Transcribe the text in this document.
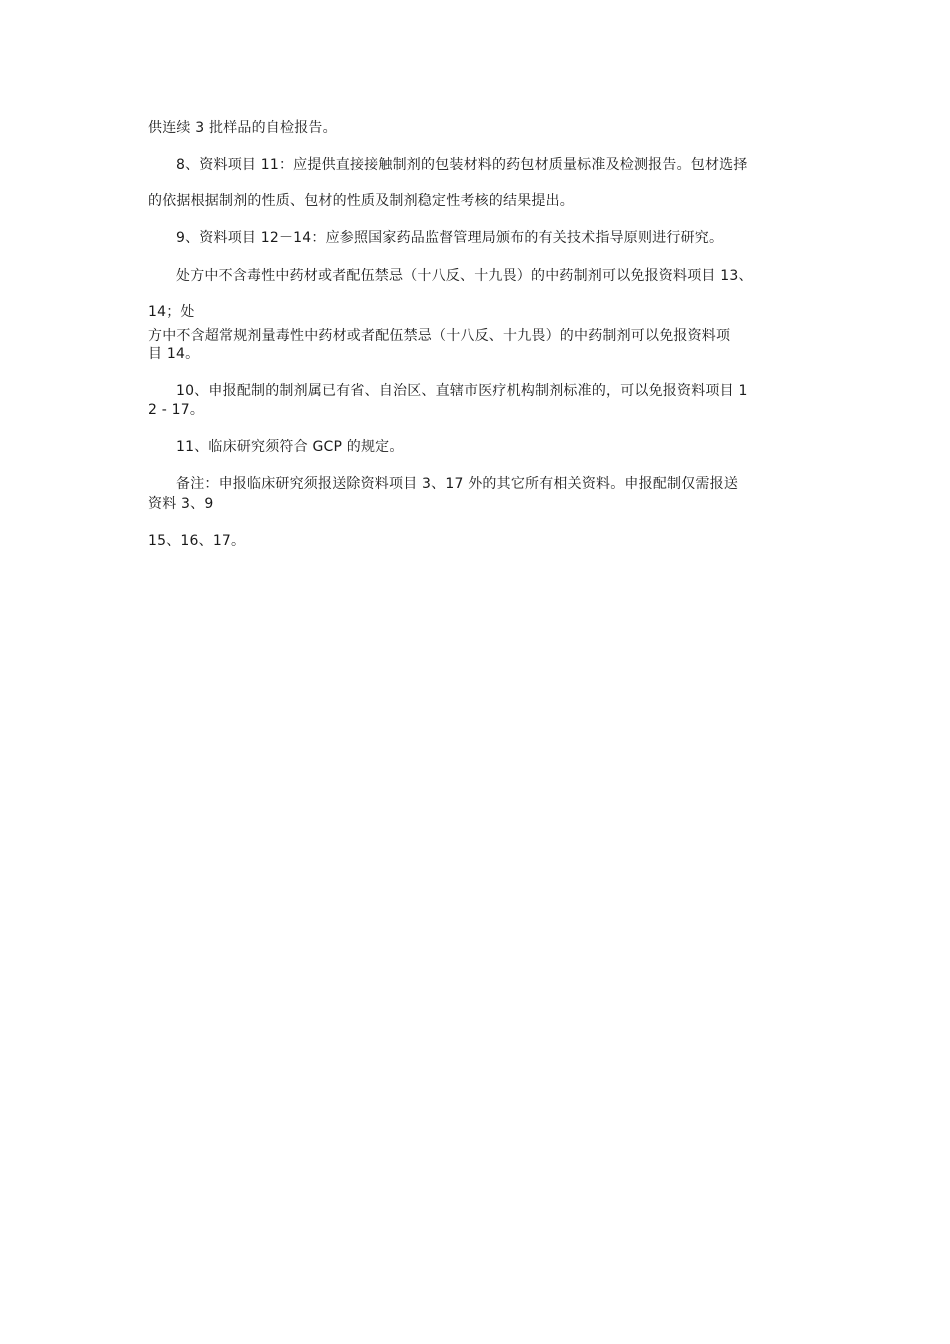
供连续 3 批样品的自检报告。
8、资料项目 11：应提供直接接触制剂的包装材料的药包材质量标准及检测报告。包材选择
的依据根据制剂的性质、包材的性质及制剂稳定性考核的结果提出。
9、资料项目 12－14：应参照国家药品监督管理局颁布的有关技术指导原则进行研究。
处方中不含毒性中药材或者配伍禁忌（十八反、十九畏）的中药制剂可以免报资料项目 13、
14；处
方中不含超常规剂量毒性中药材或者配伍禁忌（十八反、十九畏）的中药制剂可以免报资料项
目 14。
10、申报配制的制剂属已有省、自治区、直辖市医疗机构制剂标准的，可以免报资料项目 1
2 - 17。
11、临床研究须符合 GCP 的规定。
备注：申报临床研究须报送除资料项目 3、17 外的其它所有相关资料。申报配制仅需报送
资料 3、9
15、16、17。
